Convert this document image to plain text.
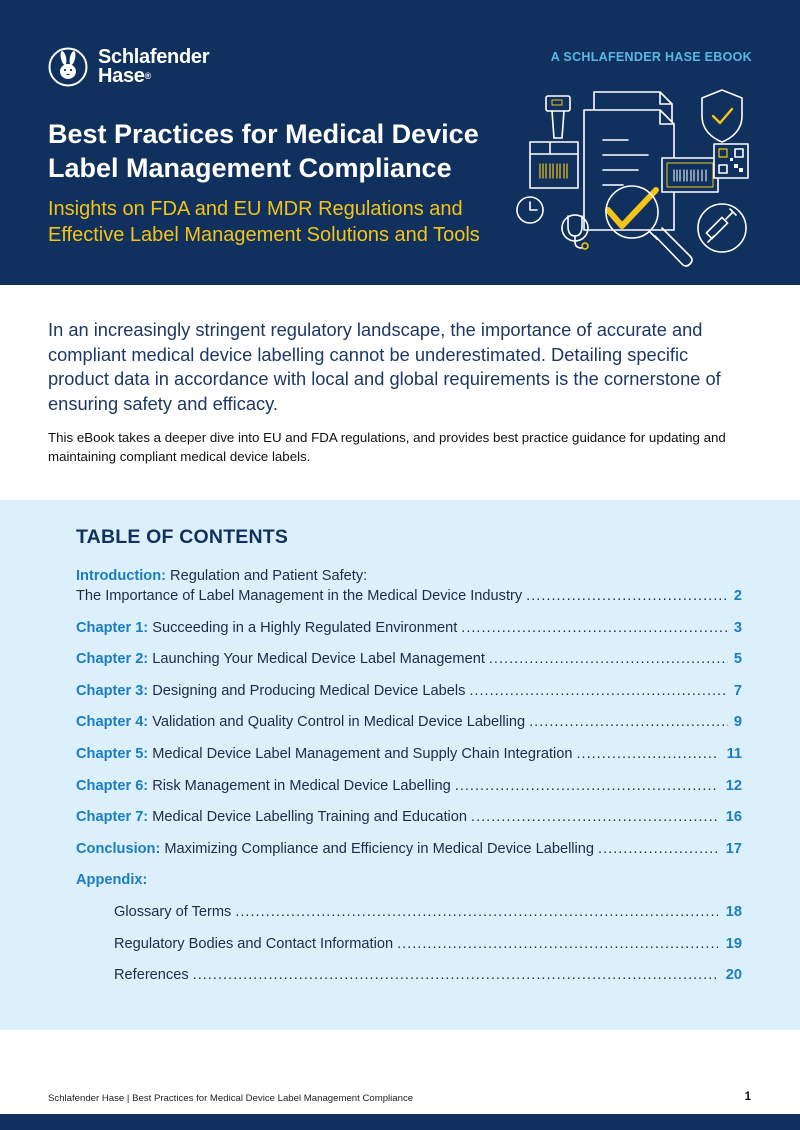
Schlafender
Hase®
A SCHLAFENDER HASE EBOOK
Best Practices for Medical Device
Label Management Compliance

Insights on FDA and EU MDR Regulations and
Effective Label Management Solutions and Tools

In an increasingly stringent regulatory landscape, the importance of accurate and compliant medical device labelling cannot be underestimated. Detailing specific product data in accordance with local and global requirements is the cornerstone of ensuring safety and efficacy.

This eBook takes a deeper dive into EU and FDA regulations, and provides best practice guidance for updating and maintaining compliant medical device labels.

TABLE OF CONTENTS
Introduction: Regulation and Patient Safety:
The Importance of Label Management in the Medical Device Industry .....	2
Chapter 1: Succeeding in a Highly Regulated Environment .....	3
Chapter 2: Launching Your Medical Device Label Management .....	5
Chapter 3: Designing and Producing Medical Device Labels .....	7
Chapter 4: Validation and Quality Control in Medical Device Labelling .....	9
Chapter 5: Medical Device Label Management and Supply Chain Integration .....	11
Chapter 6: Risk Management in Medical Device Labelling .....	12
Chapter 7: Medical Device Labelling Training and Education .....	16
Conclusion: Maximizing Compliance and Efficiency in Medical Device Labelling .....	17
Appendix:
Glossary of Terms .....	18
Regulatory Bodies and Contact Information .....	19
References .....	20
Schlafender Hase | Best Practices for Medical Device Label Management Compliance	1
